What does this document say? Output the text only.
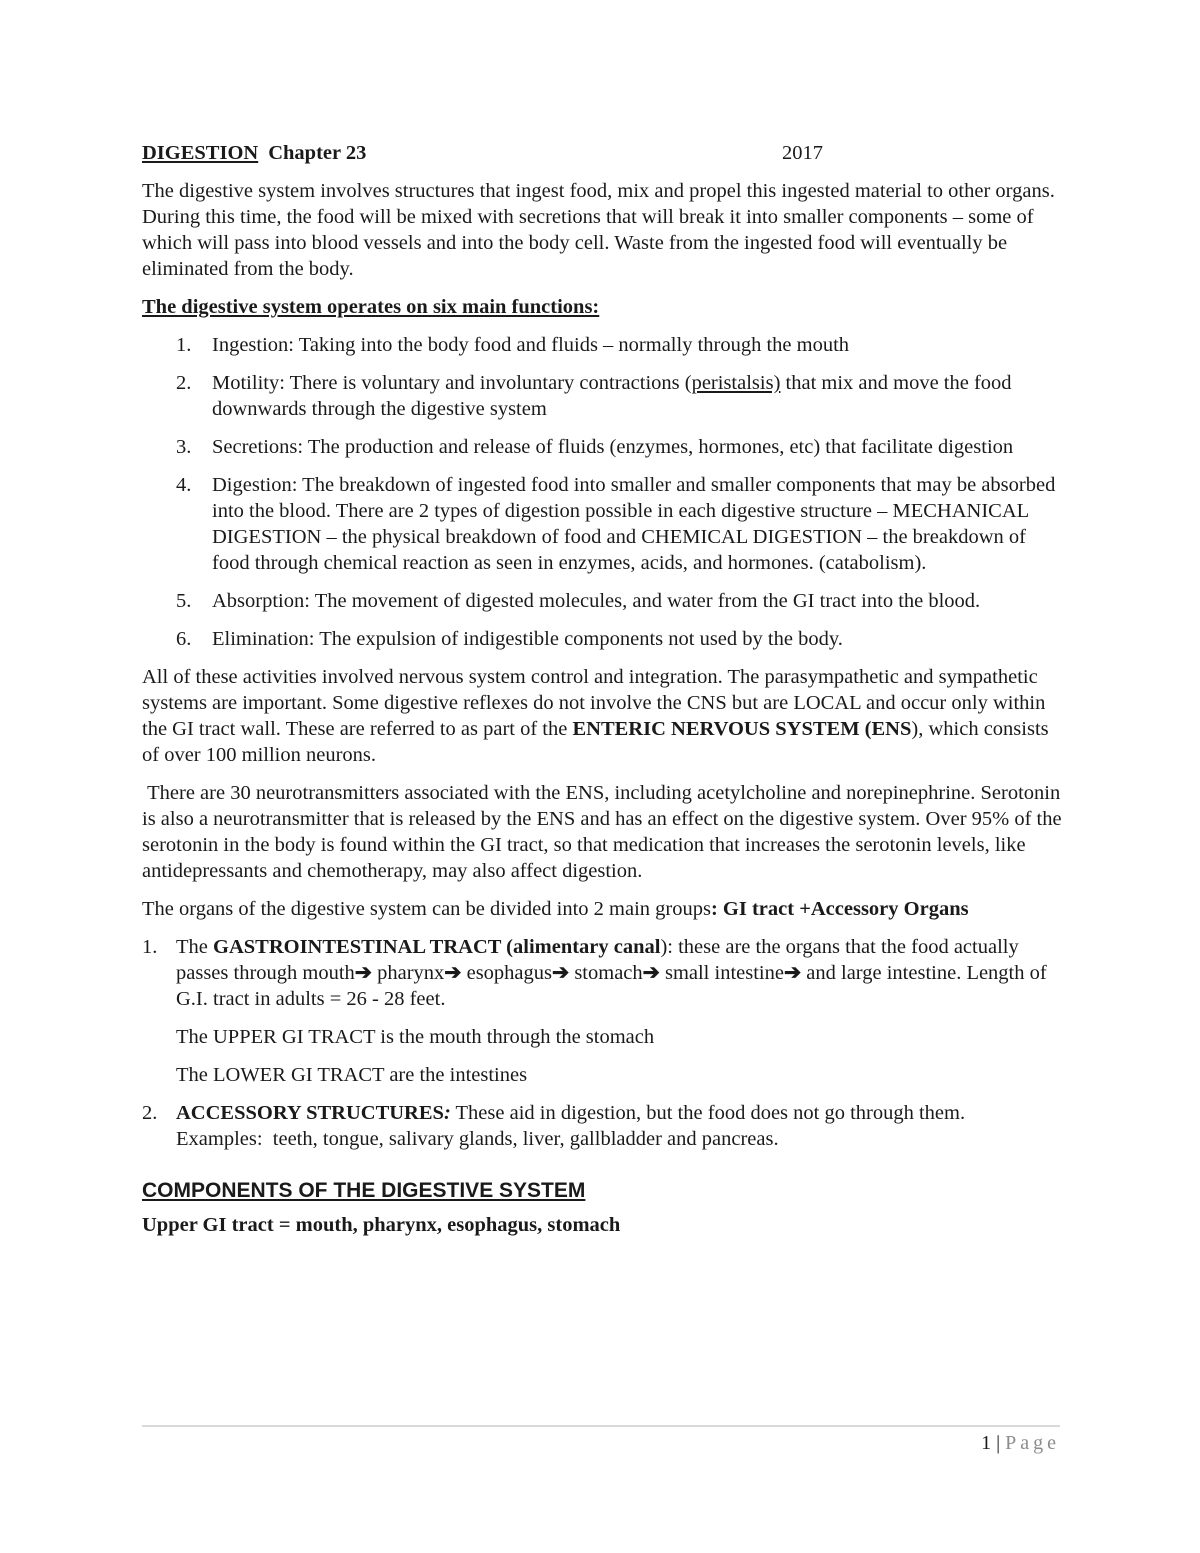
DIGESTION Chapter 23	2017

The digestive system involves structures that ingest food, mix and propel this ingested material to other organs. During this time, the food will be mixed with secretions that will break it into smaller components – some of which will pass into blood vessels and into the body cell. Waste from the ingested food will eventually be eliminated from the body.

The digestive system operates on six main functions:
1. Ingestion: Taking into the body food and fluids – normally through the mouth
2. Motility: There is voluntary and involuntary contractions (peristalsis) that mix and move the food downwards through the digestive system
3. Secretions: The production and release of fluids (enzymes, hormones, etc) that facilitate digestion
4. Digestion: The breakdown of ingested food into smaller and smaller components that may be absorbed into the blood. There are 2 types of digestion possible in each digestive structure – MECHANICAL DIGESTION – the physical breakdown of food and CHEMICAL DIGESTION – the breakdown of food through chemical reaction as seen in enzymes, acids, and hormones. (catabolism).
5. Absorption: The movement of digested molecules, and water from the GI tract into the blood.
6. Elimination: The expulsion of indigestible components not used by the body.

All of these activities involved nervous system control and integration. The parasympathetic and sympathetic systems are important. Some digestive reflexes do not involve the CNS but are LOCAL and occur only within the GI tract wall. These are referred to as part of the ENTERIC NERVOUS SYSTEM (ENS), which consists of over 100 million neurons.

There are 30 neurotransmitters associated with the ENS, including acetylcholine and norepinephrine. Serotonin is also a neurotransmitter that is released by the ENS and has an effect on the digestive system. Over 95% of the serotonin in the body is found within the GI tract, so that medication that increases the serotonin levels, like antidepressants and chemotherapy, may also affect digestion.

The organs of the digestive system can be divided into 2 main groups: GI tract +Accessory Organs

1. The GASTROINTESTINAL TRACT (alimentary canal): these are the organs that the food actually passes through mouth➔ pharynx➔ esophagus➔ stomach➔ small intestine➔ and large intestine. Length of G.I. tract in adults = 26 - 28 feet.

The UPPER GI TRACT is the mouth through the stomach

The LOWER GI TRACT are the intestines

2. ACCESSORY STRUCTURES: These aid in digestion, but the food does not go through them.        Examples:  teeth, tongue, salivary glands, liver, gallbladder and pancreas.
COMPONENTS OF THE DIGESTIVE SYSTEM
Upper GI tract = mouth, pharynx, esophagus, stomach
1 | Page
